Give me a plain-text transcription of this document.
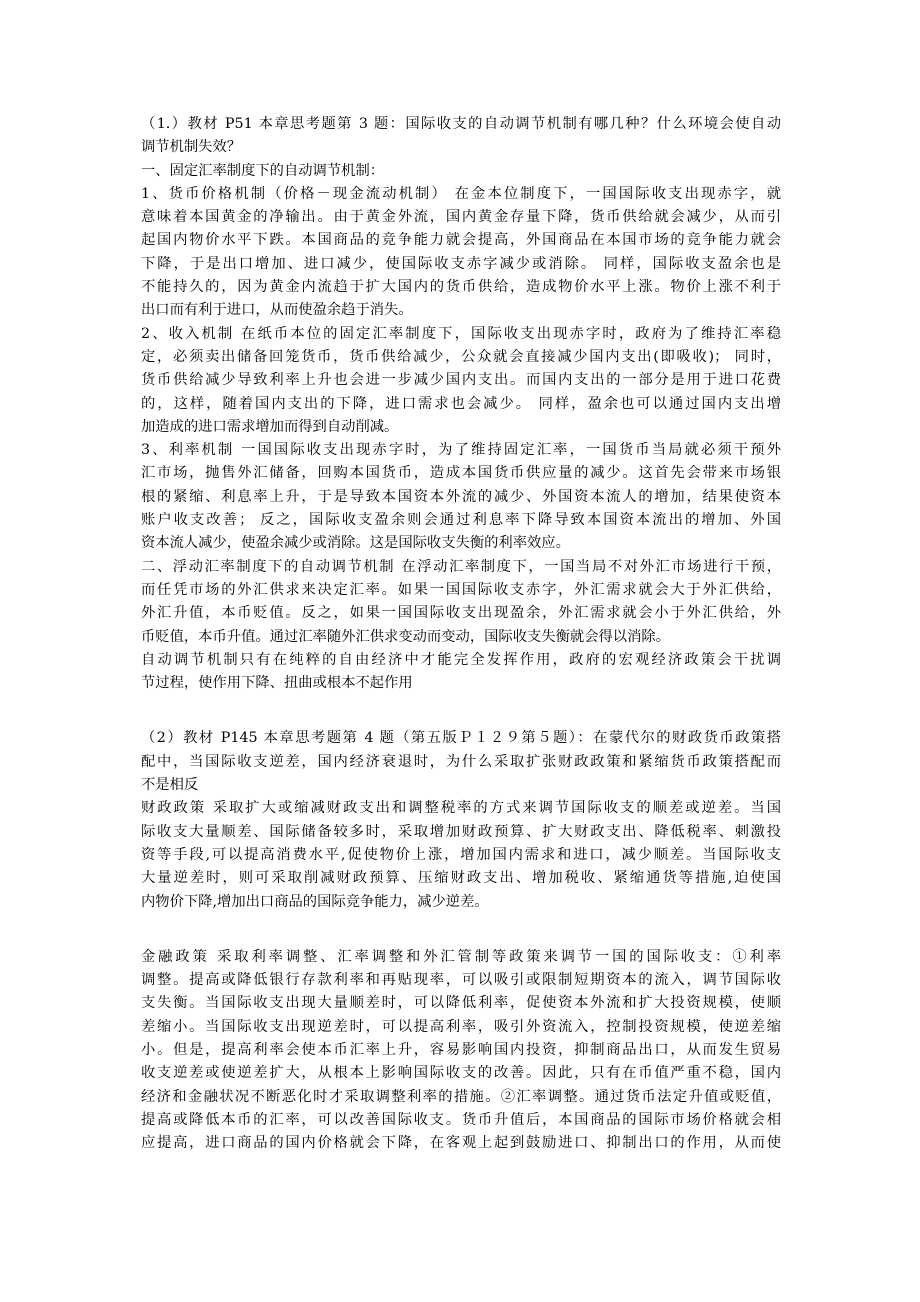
（1.）教材 P51 本章思考题第 3 题：国际收支的自动调节机制有哪几种？什么环境会使自动
调节机制失效？
一、固定汇率制度下的自动调节机制：
1、货币价格机制（价格－现金流动机制） 在金本位制度下，一国国际收支出现赤字，就
意味着本国黄金的净输出。由于黄金外流，国内黄金存量下降，货币供给就会减少，从而引
起国内物价水平下跌。本国商品的竞争能力就会提高，外国商品在本国市场的竞争能力就会
下降，于是出口增加、进口减少，使国际收支赤字减少或消除。 同样，国际收支盈余也是
不能持久的，因为黄金内流趋于扩大国内的货币供给，造成物价水平上涨。物价上涨不利于
出口而有利于进口，从而使盈余趋于消失。
2、收入机制 在纸币本位的固定汇率制度下，国际收支出现赤字时，政府为了维持汇率稳
定，必须卖出储备回笼货币，货币供给减少，公众就会直接减少国内支出(即吸收)； 同时，
货币供给减少导致利率上升也会进一步减少国内支出。而国内支出的一部分是用于进口花费
的，这样，随着国内支出的下降，进口需求也会减少。 同样，盈余也可以通过国内支出增
加造成的进口需求增加而得到自动削减。
3、利率机制 一国国际收支出现赤字时，为了维持固定汇率，一国货币当局就必须干预外
汇市场，抛售外汇储备，回购本国货币，造成本国货币供应量的减少。这首先会带来市场银
根的紧缩、利息率上升，于是导致本国资本外流的减少、外国资本流人的增加，结果使资本
账户收支改善； 反之，国际收支盈余则会通过利息率下降导致本国资本流出的增加、外国
资本流人减少，使盈余减少或消除。这是国际收支失衡的利率效应。
二、浮动汇率制度下的自动调节机制 在浮动汇率制度下，一国当局不对外汇市场进行干预，
而任凭市场的外汇供求来决定汇率。如果一国国际收支赤字，外汇需求就会大于外汇供给，
外汇升值，本币贬值。反之，如果一国国际收支出现盈余，外汇需求就会小于外汇供给，外
币贬值，本币升值。通过汇率随外汇供求变动而变动，国际收支失衡就会得以消除。
自动调节机制只有在纯粹的自由经济中才能完全发挥作用，政府的宏观经济政策会干扰调
节过程，使作用下降、扭曲或根本不起作用
（2）教材 P145 本章思考题第 4 题（第五版Ｐ１２９第５题）：在蒙代尔的财政货币政策搭
配中，当国际收支逆差，国内经济衰退时，为什么采取扩张财政政策和紧缩货币政策搭配而
不是相反
财政政策 采取扩大或缩减财政支出和调整税率的方式来调节国际收支的顺差或逆差。当国
际收支大量顺差、国际储备较多时，采取增加财政预算、扩大财政支出、降低税率、刺激投
资等手段,可以提高消费水平,促使物价上涨，增加国内需求和进口，减少顺差。当国际收支
大量逆差时，则可采取削减财政预算、压缩财政支出、增加税收、紧缩通货等措施,迫使国
内物价下降,增加出口商品的国际竞争能力，减少逆差。
金融政策 采取利率调整、汇率调整和外汇管制等政策来调节一国的国际收支：①利率
调整。提高或降低银行存款利率和再贴现率，可以吸引或限制短期资本的流入，调节国际收
支失衡。当国际收支出现大量顺差时，可以降低利率，促使资本外流和扩大投资规模，使顺
差缩小。当国际收支出现逆差时，可以提高利率，吸引外资流入，控制投资规模，使逆差缩
小。但是，提高利率会使本币汇率上升，容易影响国内投资，抑制商品出口，从而发生贸易
收支逆差或使逆差扩大，从根本上影响国际收支的改善。因此，只有在币值严重不稳，国内
经济和金融状况不断恶化时才采取调整利率的措施。②汇率调整。通过货币法定升值或贬值，
提高或降低本币的汇率，可以改善国际收支。货币升值后，本国商品的国际市场价格就会相
应提高，进口商品的国内价格就会下降，在客观上起到鼓励进口、抑制出口的作用，从而使
